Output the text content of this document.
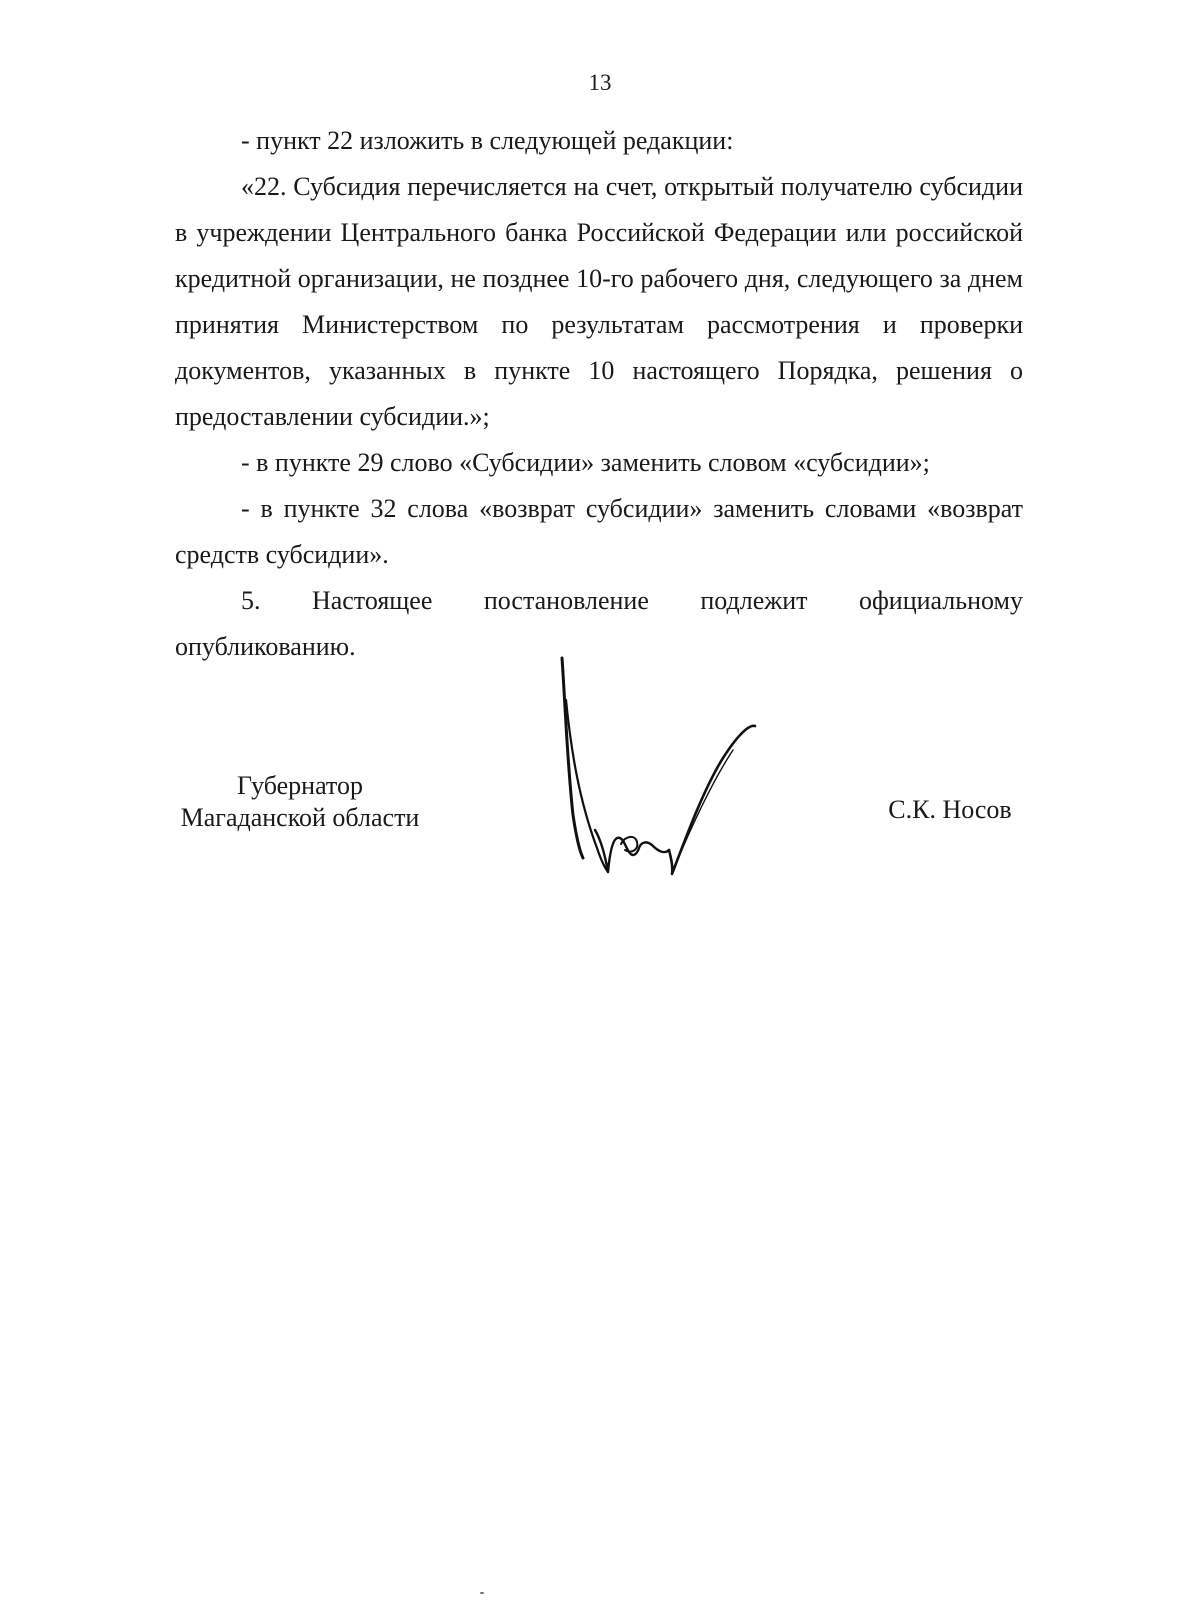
13

- пункт 22 изложить в следующей редакции:

«22. Субсидия перечисляется на счет, открытый получателю субсидии в учреждении Центрального банка Российской Федерации или российской кредитной организации, не позднее 10-го рабочего дня, следующего за днем принятия Министерством по результатам рассмотрения и проверки документов, указанных в пункте 10 настоящего Порядка, решения о предоставлении субсидии.»;

- в пункте 29 слово «Субсидии» заменить словом «субсидии»;

- в пункте 32 слова «возврат субсидии» заменить словами «возврат средств субсидии».

5. Настоящее постановление подлежит официальному опубликованию.

Губернатор
Магаданской области	С.К. Носов
